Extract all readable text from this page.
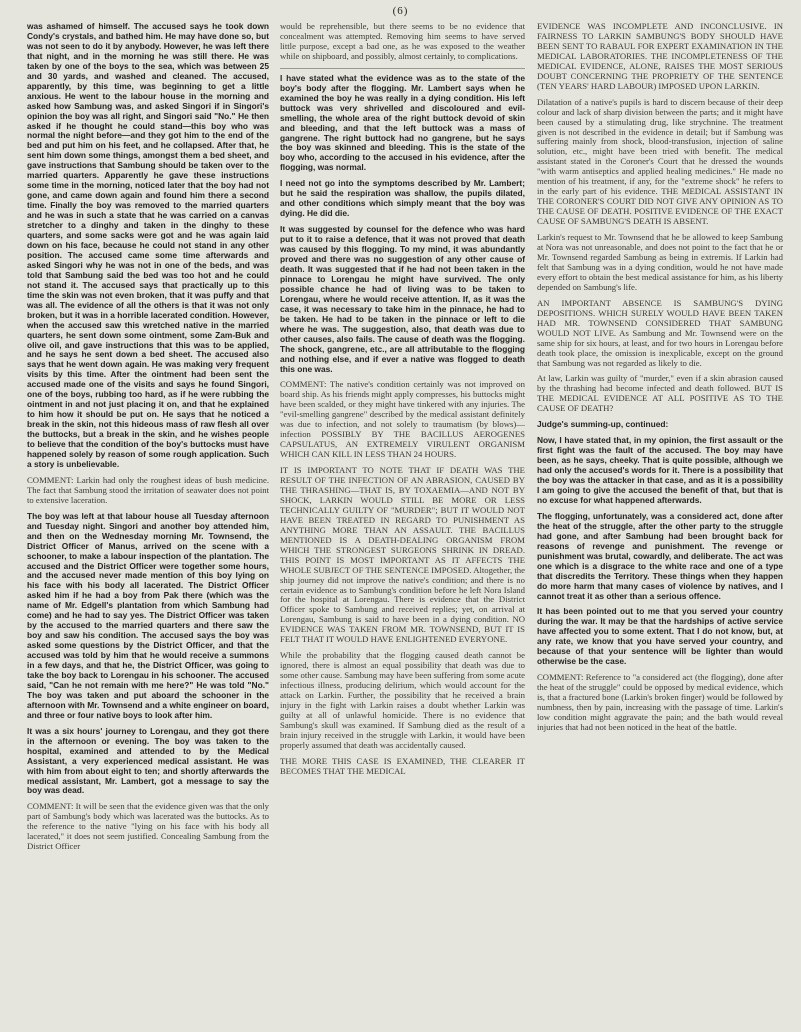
(6)

was ashamed of himself. The accused says he took down Condy's crystals, and bathed him. He may have done so, but was not seen to do it by anybody. However, he was left there that night, and in the morning he was still there. He was taken by one of the boys to the sea, which was between 25 and 30 yards, and washed and cleaned. The accused, apparently, by this time, was beginning to get a little anxious. He went to the labour house in the morning and asked how Sambung was, and asked Singori if in Singori's opinion the boy was all right, and Singori said "No." He then asked if he thought he could stand—this boy who was normal the night before—and they got him to the end of the bed and put him on his feet, and he collapsed. After that, he sent him down some things, amongst them a bed sheet, and gave instructions that Sambung should be taken over to the married quarters. Apparently he gave these instructions some time in the morning, noticed later that the boy had not gone, and came down again and found him there a second time. Finally the boy was removed to the married quarters and he was in such a state that he was carried on a canvas stretcher to a dinghy and taken in the dinghy to these quarters, and some sacks were got and he was again laid down on his face, because he could not stand in any other position. The accused came some time afterwards and asked Singori why he was not in one of the beds, and was told that Sambung said the bed was too hot and he could not stand it. The accused says that practically up to this time the skin was not even broken, that it was puffy and that was all. The evidence of all the others is that it was not only broken, but it was in a horrible lacerated condition. However, when the accused saw this wretched native in the married quarters, he sent down some ointment, some Zam-Buk and olive oil, and gave instructions that this was to be applied, and he says he sent down a bed sheet. The accused also says that he went down again. He was making very frequent visits by this time. After the ointment had been sent the accused made one of the visits and says he found Singori, one of the boys, rubbing too hard, as if he were rubbing the ointment in and not just placing it on, and that he explained to him how it should be put on. He says that he noticed a break in the skin, not this hideous mass of raw flesh all over the buttocks, but a break in the skin, and he wishes people to believe that the condition of the boy's buttocks must have happened solely by reason of some rough application. Such a story is unbelievable.

COMMENT: Larkin had only the roughest ideas of bush medicine. The fact that Sambung stood the irritation of seawater does not point to extensive laceration.

The boy was left at that labour house all Tuesday afternoon and Tuesday night. Singori and another boy attended him, and then on the Wednesday morning Mr. Townsend, the District Officer of Manus, arrived on the scene with a schooner, to make a labour inspection of the plantation. The accused and the District Officer were together some hours, and the accused never made mention of this boy lying on his face with his body all lacerated. The District Officer asked him if he had a boy from Pak there (which was the name of Mr. Edgell's plantation from which Sambung had come) and he had to say yes. The District Officer was taken by the accused to the married quarters and there saw the boy and saw his condition. The accused says the boy was asked some questions by the District Officer, and that the accused was told by him that he would receive a summons in a few days, and that he, the District Officer, was going to take the boy back to Lorengau in his schooner. The accused said, "Can he not remain with me here?" He was told "No." The boy was taken and put aboard the schooner in the afternoon with Mr. Townsend and a white engineer on board, and three or four native boys to look after him.

It was a six hours' journey to Lorengau, and they got there in the afternoon or evening. The boy was taken to the hospital, examined and attended to by the Medical Assistant, a very experienced medical assistant. He was with him from about eight to ten; and shortly afterwards the medical assistant, Mr. Lambert, got a message to say the boy was dead.

COMMENT: It will be seen that the evidence given was that the only part of Sambung's body which was lacerated was the buttocks. As to the reference to the native "lying on his face with his body all lacerated," it does not seem justified. Concealing Sambung from the District Officer

would be reprehensible, but there seems to be no evidence that concealment was attempted. Removing him seems to have served little purpose, except a bad one, as he was exposed to the weather while on shipboard, and possibly, almost certainly, to complications.

I have stated what the evidence was as to the state of the boy's body after the flogging. Mr. Lambert says when he examined the boy he was really in a dying condition. His left buttock was very shrivelled and discoloured and evil-smelling, the whole area of the right buttock devoid of skin and bleeding, and that the left buttock was a mass of gangrene. The right buttock had no gangrene, but he says the boy was skinned and bleeding. This is the state of the boy who, according to the accused in his evidence, after the flogging, was normal.

I need not go into the symptoms described by Mr. Lambert; but he said the respiration was shallow, the pupils dilated, and other conditions which simply meant that the boy was dying. He did die.

It was suggested by counsel for the defence who was hard put to it to raise a defence, that it was not proved that death was caused by this flogging. To my mind, it was abundantly proved and there was no suggestion of any other cause of death. It was suggested that if he had not been taken in the pinnace to Lorengau he might have survived. The only possible chance he had of living was to be taken to Lorengau, where he would receive attention. If, as it was the case, it was necessary to take him in the pinnace, he had to be taken. He had to be taken in the pinnace or left to die where he was. The suggestion, also, that death was due to other causes, also fails. The cause of death was the flogging. The shock, gangrene, etc., are all attributable to the flogging and nothing else, and if ever a native was flogged to death this one was.

COMMENT: The native's condition certainly was not improved on board ship. As his friends might apply compresses, his buttocks might have been scalded, or they might have tinkered with any injuries. The "evil-smelling gangrene" described by the medical assistant definitely was due to infection, and not solely to traumatism (by blows)—infection POSSIBLY BY THE BACILLUS AEROGENES CAPSULATUS, AN EXTREMELY VIRULENT ORGANISM WHICH CAN KILL IN LESS THAN 24 HOURS.

IT IS IMPORTANT TO NOTE THAT IF DEATH WAS THE RESULT OF THE INFECTION OF AN ABRASION, CAUSED BY THE THRASHING—THAT IS, BY TOXAEMIA—AND NOT BY SHOCK, LARKIN WOULD STILL BE MORE OR LESS TECHNICALLY GUILTY OF "MURDER"; BUT IT WOULD NOT HAVE BEEN TREATED IN REGARD TO PUNISHMENT AS ANYTHING MORE THAN AN ASSAULT. THE BACILLUS MENTIONED IS A DEATH-DEALING ORGANISM FROM WHICH THE STRONGEST SURGEONS SHRINK IN DREAD. THIS POINT IS MOST IMPORTANT AS IT AFFECTS THE WHOLE SUBJECT OF THE SENTENCE IMPOSED. Altogether, the ship journey did not improve the native's condition; and there is no certain evidence as to Sambung's condition before he left Nora Island for the hospital at Lorengau. There is evidence that the District Officer spoke to Sambung and received replies; yet, on arrival at Lorengau, Sambung is said to have been in a dying condition. NO EVIDENCE WAS TAKEN FROM MR. TOWNSEND, BUT IT IS FELT THAT IT WOULD HAVE ENLIGHTENED EVERYONE.

While the probability that the flogging caused death cannot be ignored, there is almost an equal possibility that death was due to some other cause. Sambung may have been suffering from some acute infectious illness, producing delirium, which would account for the attack on Larkin. Further, the possibility that he received a brain injury in the fight with Larkin raises a doubt whether Larkin was guilty at all of unlawful homicide. There is no evidence that Sambung's skull was examined. If Sambung died as the result of a brain injury received in the struggle with Larkin, it would have been properly assumed that death was accidentally caused.

THE MORE THIS CASE IS EXAMINED, THE CLEARER IT BECOMES THAT THE MEDICAL

EVIDENCE WAS INCOMPLETE AND INCONCLUSIVE. IN FAIRNESS TO LARKIN SAMBUNG'S BODY SHOULD HAVE BEEN SENT TO RABAUL FOR EXPERT EXAMINATION IN THE MEDICAL LABORATORIES. THE INCOMPLETENESS OF THE MEDICAL EVIDENCE, ALONE, RAISES THE MOST SERIOUS DOUBT CONCERNING THE PROPRIETY OF THE SENTENCE (TEN YEARS' HARD LABOUR) IMPOSED UPON LARKIN.

Dilatation of a native's pupils is hard to discern because of their deep colour and lack of sharp division between the parts; and it might have been caused by a stimulating drug, like strychnine. The treatment given is not described in the evidence in detail; but if Sambung was suffering mainly from shock, blood-transfusion, injection of saline solution, etc., might have been tried with benefit. The medical assistant stated in the Coroner's Court that he dressed the wounds "with warm antiseptics and applied healing medicines." He made no mention of his treatment, if any, for the "extreme shock" he refers to in the early part of his evidence. THE MEDICAL ASSISTANT IN THE CORONER'S COURT DID NOT GIVE ANY OPINION AS TO THE CAUSE OF DEATH. POSITIVE EVIDENCE OF THE EXACT CAUSE OF SAMBUNG'S DEATH IS ABSENT.

Larkin's request to Mr. Townsend that he be allowed to keep Sambung at Nora was not unreasonable, and does not point to the fact that he or Mr. Townsend regarded Sambung as being in extremis. If Larkin had felt that Sambung was in a dying condition, would he not have made every effort to obtain the best medical assistance for him, as his liberty depended on Sambung's life.

AN IMPORTANT ABSENCE IS SAMBUNG'S DYING DEPOSITIONS. WHICH SURELY WOULD HAVE BEEN TAKEN HAD MR. TOWNSEND CONSIDERED THAT SAMBUNG WOULD NOT LIVE. As Sambung and Mr. Townsend were on the same ship for six hours, at least, and for two hours in Lorengau before death took place, the omission is inexplicable, except on the ground that Sambung was not regarded as likely to die.

At law, Larkin was guilty of "murder," even if a skin abrasion caused by the thrashing had become infected and death followed. BUT IS THE MEDICAL EVIDENCE AT ALL POSITIVE AS TO THE CAUSE OF DEATH?

Judge's summing-up, continued:

Now, I have stated that, in my opinion, the first assault or the first fight was the fault of the accused. The boy may have been, as he says, cheeky. That is quite possible, although we had only the accused's words for it. There is a possibility that the boy was the attacker in that case, and as it is a possibility I am going to give the accused the benefit of that, but that is no excuse for what happened afterwards.

The flogging, unfortunately, was a considered act, done after the heat of the struggle, after the other party to the struggle had gone, and after Sambung had been brought back for reasons of revenge and punishment. The revenge or punishment was brutal, cowardly, and deliberate. The act was one which is a disgrace to the white race and one of a type that discredits the Territory. These things when they happen do more harm that many cases of violence by natives, and I cannot treat it as other than a serious offence.

It has been pointed out to me that you served your country during the war. It may be that the hardships of active service have affected you to some extent. That I do not know, but, at any rate, we know that you have served your country, and because of that your sentence will be lighter than would otherwise be the case.

COMMENT: Reference to "a considered act (the flogging), done after the heat of the struggle" could be opposed by medical evidence, which is, that a fractured bone (Larkin's broken finger) would be followed by numbness, then by pain, increasing with the passage of time. Larkin's low condition might aggravate the pain; and the bath would reveal injuries that had not been noticed in the heat of the battle.
